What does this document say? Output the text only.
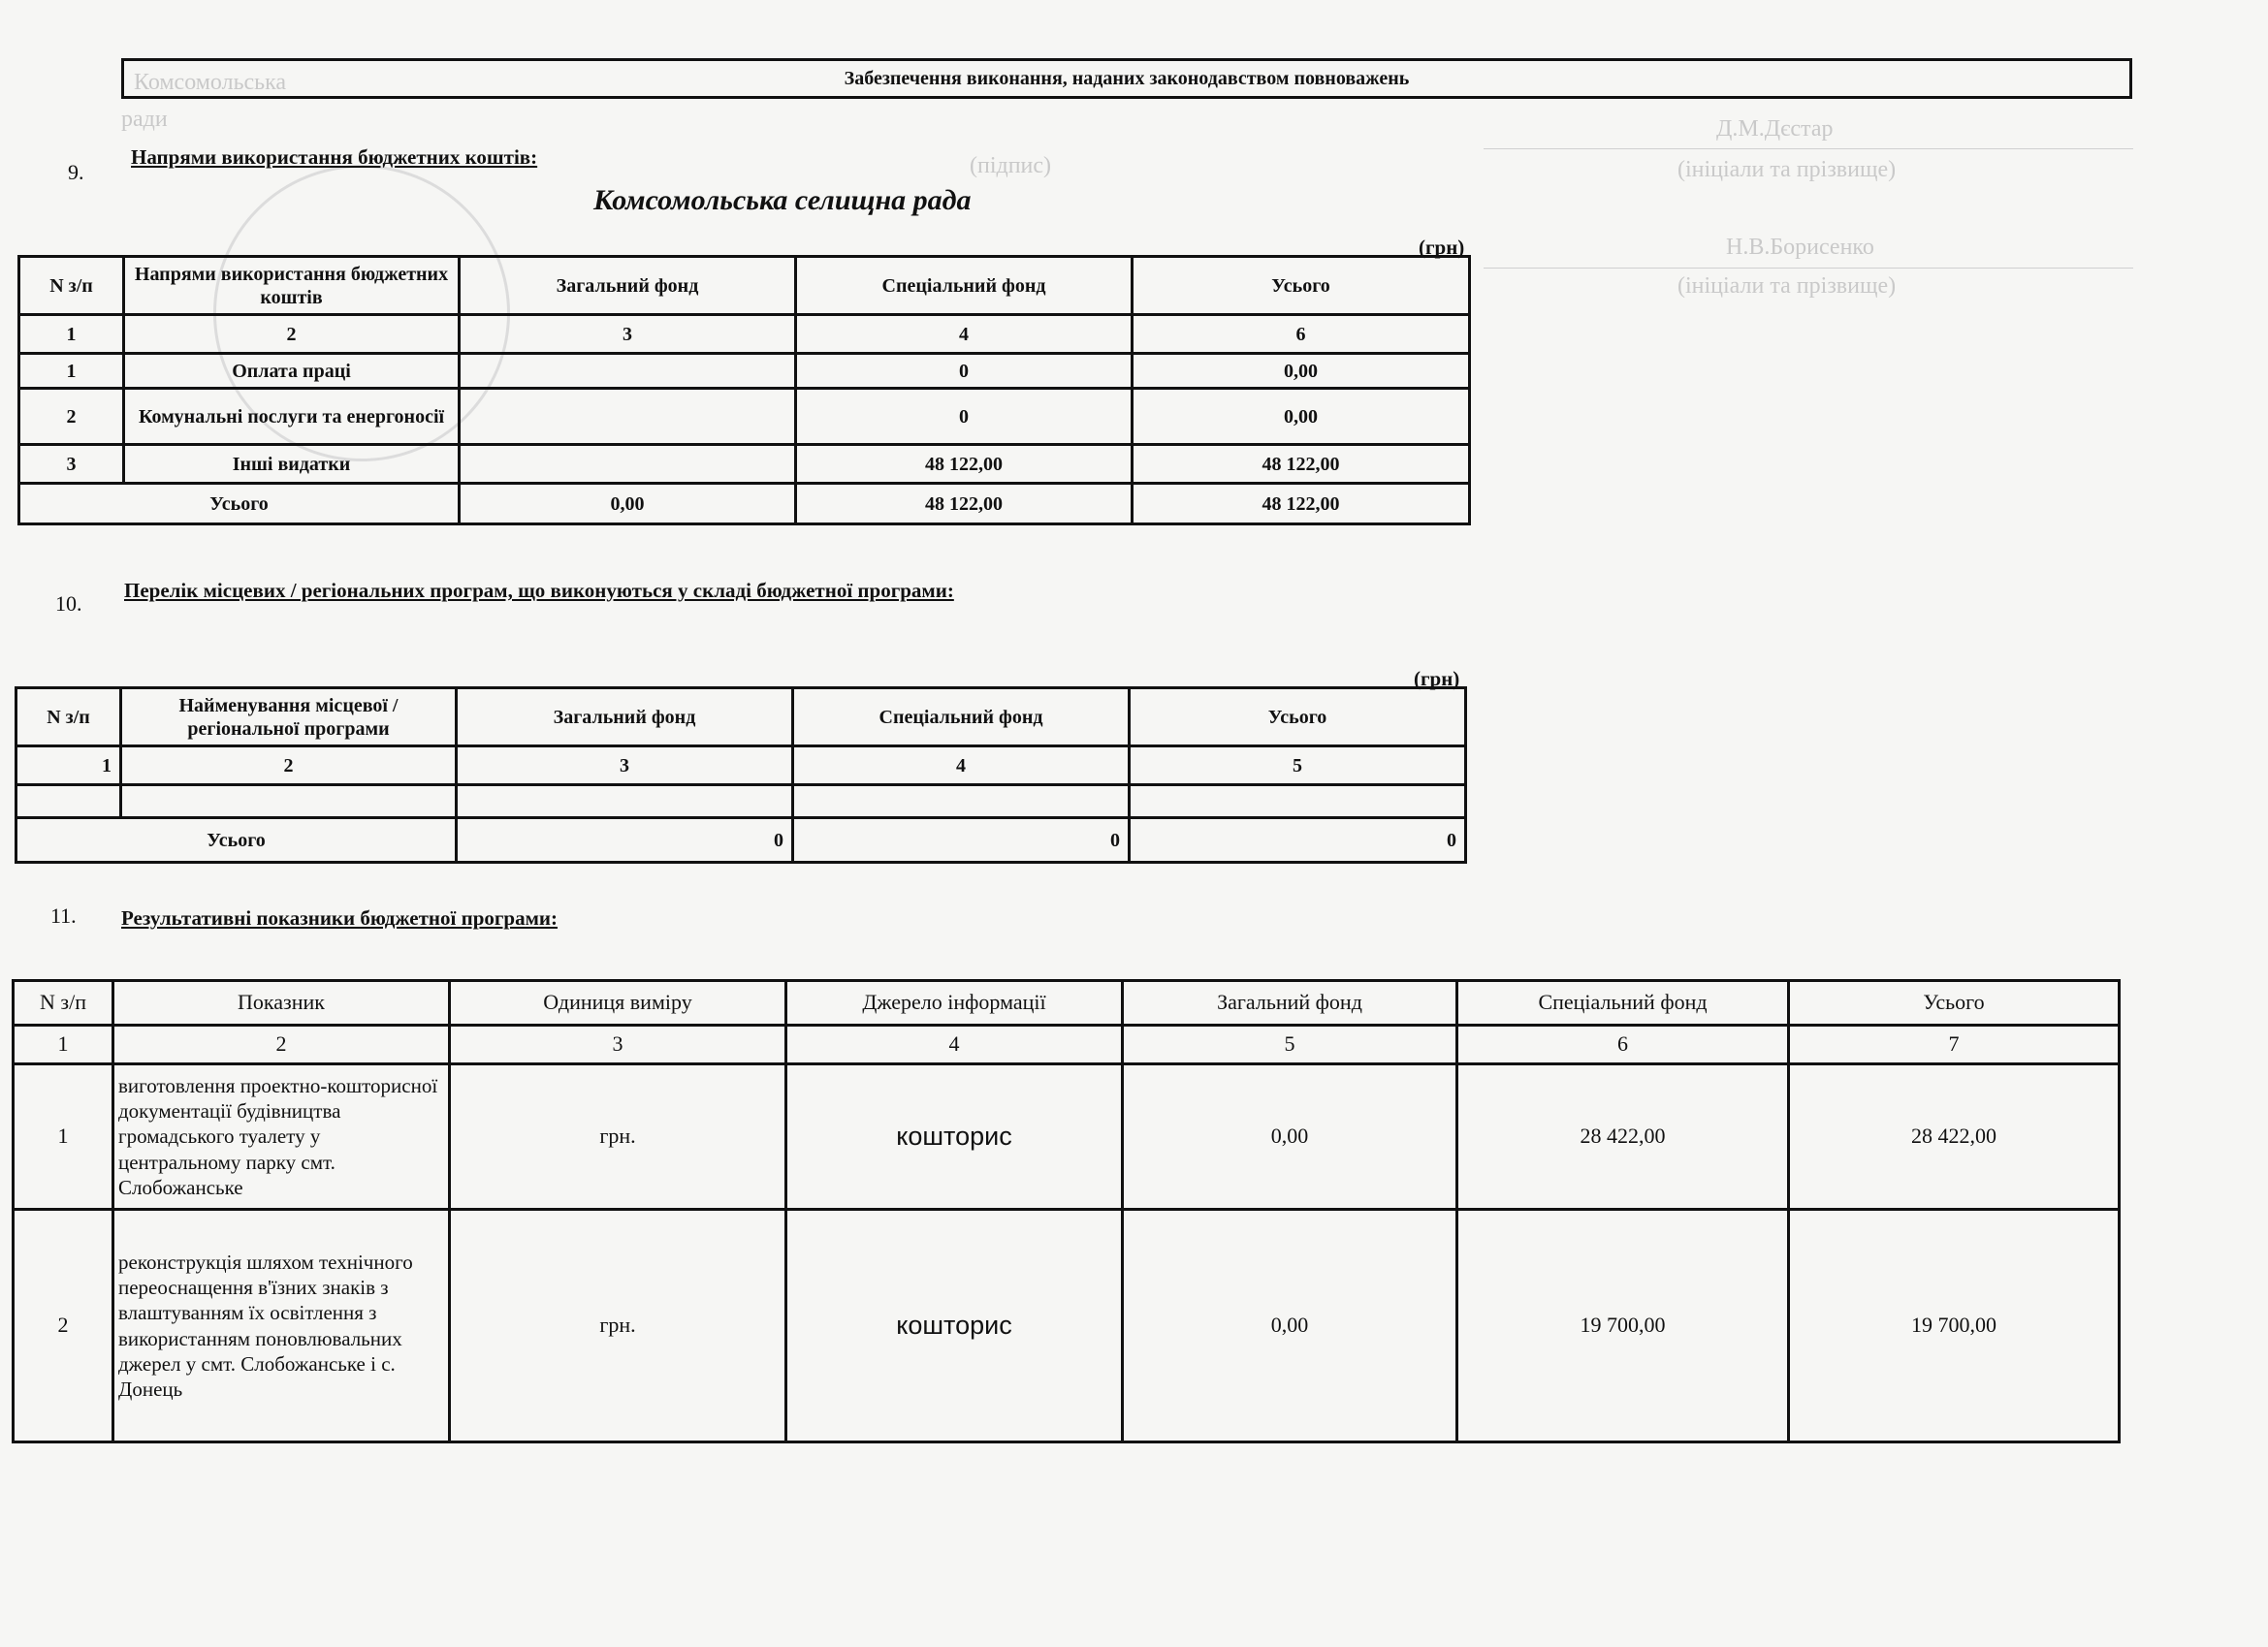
Д.М.Дєстар
(підпис)	(ініціали та прізвище)
Н.В.Борисенко
(ініціали та прізвище)
Комсомольська
ради
Забезпечення виконання, наданих законодавством повноважень
9.
Напрями використання бюджетних коштів:
Комсомольська селищна рада
(грн)
N з/п	Напрями використання бюджетних коштів	Загальний фонд	Спеціальний фонд	Усього
1	2	3	4	6
1	Оплата праці		0	0,00
2	Комунальні послуги та енергоносії		0	0,00
3	Інші видатки		48 122,00	48 122,00
Усього		0,00	48 122,00	48 122,00
10.
Перелік місцевих / регіональних програм, що виконуються у складі бюджетної програми:
(грн)
N з/п	Найменування місцевої / регіональної програми	Загальний фонд	Спеціальний фонд	Усього
1	2	3	4	5

Усього		0	0	0
11. Результативні показники бюджетної програми:
N з/п	Показник	Одиниця виміру	Джерело інформації	Загальний фонд	Спеціальний фонд	Усього
1	2	3	4	5	6	7
1	виготовлення проектно-кошторисної документації будівництва громадського туалету у центральному парку смт. Слобожанське	грн.	кошторис	0,00	28 422,00	28 422,00
2	реконструкція шляхом технічного переоснащення в'їзних знаків з влаштуванням їх освітлення з використанням поновлювальних джерел у смт. Слобожанське і с. Донець	грн.	кошторис	0,00	19 700,00	19 700,00
